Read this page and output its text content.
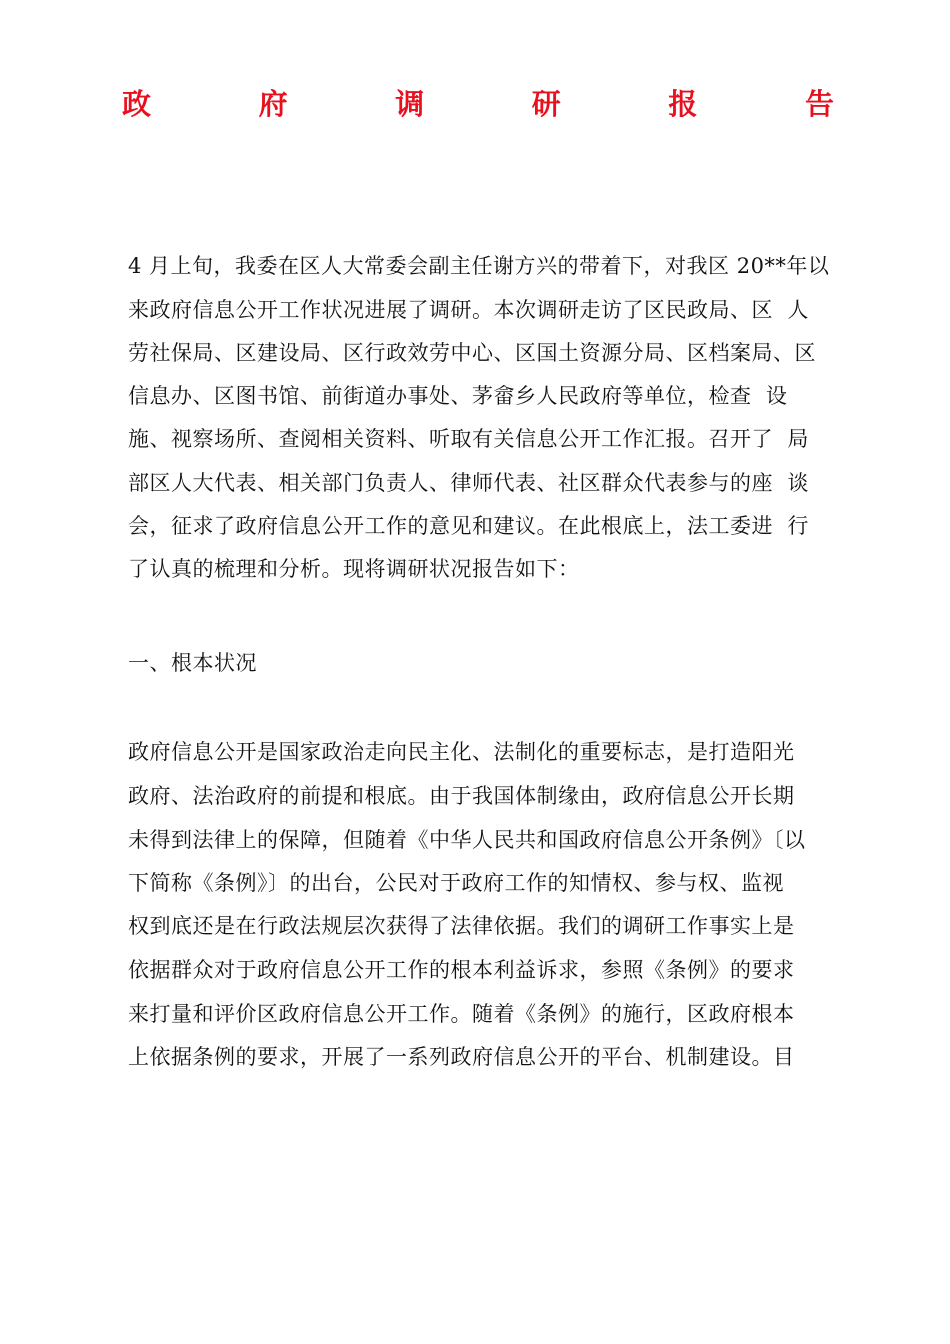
政	府	调	研	报	告
4 月上旬，我委在区人大常委会副主任谢方兴的带着下，对我区 20**年以
来政府信息公开工作状况进展了调研。本次调研走访了区民政局、区  人
劳社保局、区建设局、区行政效劳中心、区国土资源分局、区档案局、区
信息办、区图书馆、前街道办事处、茅畲乡人民政府等单位，检查  设
施、视察场所、查阅相关资料、听取有关信息公开工作汇报。召开了  局
部区人大代表、相关部门负责人、律师代表、社区群众代表参与的座  谈
会，征求了政府信息公开工作的意见和建议。在此根底上，法工委进  行
了认真的梳理和分析。现将调研状况报告如下：
一、根本状况
政府信息公开是国家政治走向民主化、法制化的重要标志，是打造阳光
政府、法治政府的前提和根底。由于我国体制缘由，政府信息公开长期
未得到法律上的保障，但随着《中华人民共和国政府信息公开条例》〔以
下简称《条例》〕的出台，公民对于政府工作的知情权、参与权、监视
权到底还是在行政法规层次获得了法律依据。我们的调研工作事实上是
依据群众对于政府信息公开工作的根本利益诉求，参照《条例》的要求
来打量和评价区政府信息公开工作。随着《条例》的施行，区政府根本
上依据条例的要求，开展了一系列政府信息公开的平台、机制建设。目
